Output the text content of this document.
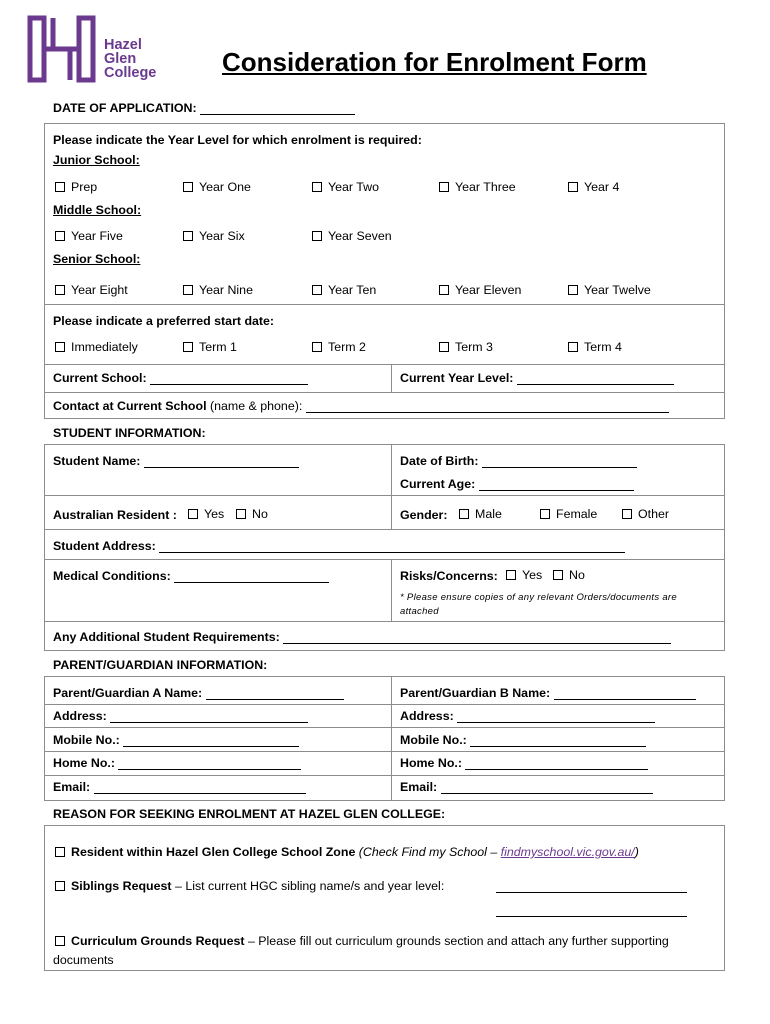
Hazel
Glen
College	Consideration for Enrolment Form
DATE OF APPLICATION:
Please indicate the Year Level for which enrolment is required:
Junior School:
Prep	Year One	Year Two	Year Three	Year 4
Middle School:
Year Five	Year Six	Year Seven
Senior School:
Year Eight	Year Nine	Year Ten	Year Eleven	Year Twelve
Please indicate a preferred start date:
Immediately	Term 1	Term 2	Term 3	Term 4
Current School:	Current Year Level:
Contact at Current School (name & phone):
STUDENT INFORMATION:
Student Name:	Date of Birth:
Current Age:
Australian Resident :	Yes	No	Gender:	Male	Female	Other
Student Address:
Medical Conditions:	Risks/Concerns:	Yes	No
* Please ensure copies of any relevant Orders/documents are attached
Any Additional Student Requirements:
PARENT/GUARDIAN INFORMATION:
Parent/Guardian A Name:	Parent/Guardian B Name:
Address:	Address:
Mobile No.:	Mobile No.:
Home No.:	Home No.:
Email:	Email:
REASON FOR SEEKING ENROLMENT AT HAZEL GLEN COLLEGE:
Resident within Hazel Glen College School Zone (Check Find my School – findmyschool.vic.gov.au/)
Siblings Request – List current HGC sibling name/s and year level:
Curriculum Grounds Request – Please fill out curriculum grounds section and attach any further supporting documents
